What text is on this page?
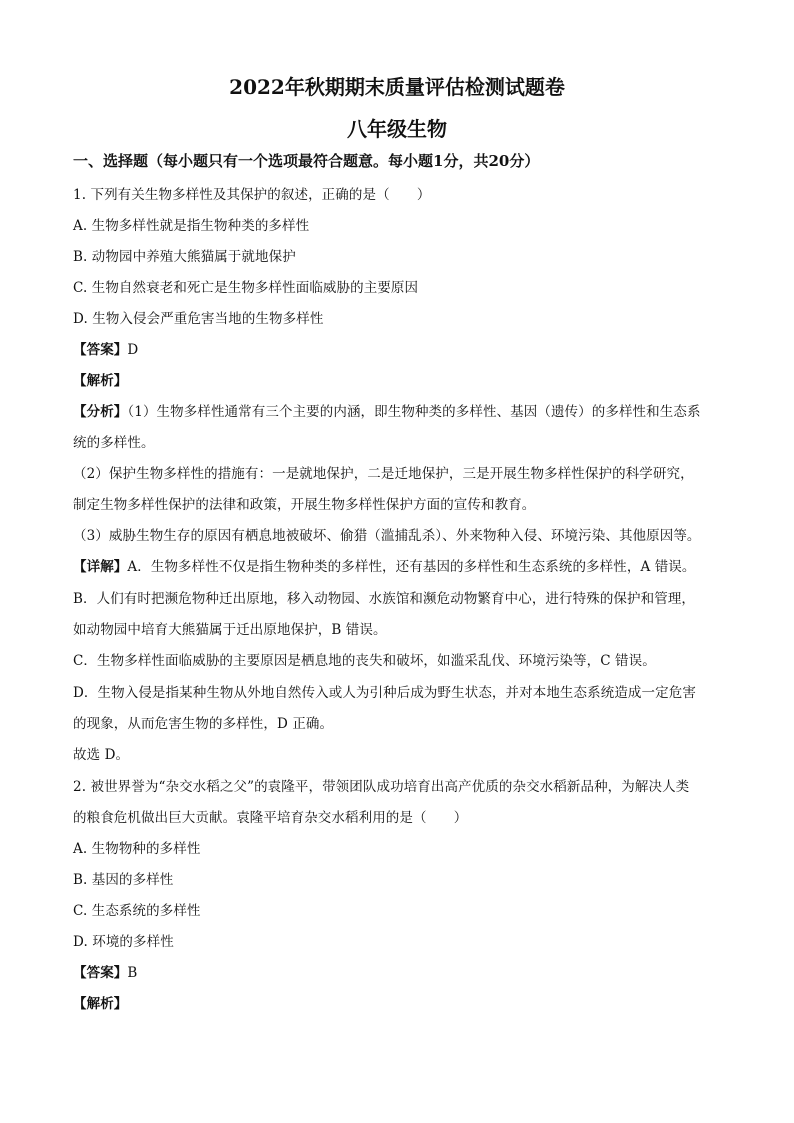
2022年秋期期末质量评估检测试题卷
八年级生物
一、选择题（每小题只有一个选项最符合题意。每小题1分，共20分）
1. 下列有关生物多样性及其保护的叙述，正确的是（　　）
A. 生物多样性就是指生物种类的多样性
B. 动物园中养殖大熊猫属于就地保护
C. 生物自然衰老和死亡是生物多样性面临威胁的主要原因
D. 生物入侵会严重危害当地的生物多样性
【答案】D
【解析】
【分析】（1）生物多样性通常有三个主要的内涵，即生物种类的多样性、基因（遗传）的多样性和生态系
统的多样性。
（2）保护生物多样性的措施有：一是就地保护，二是迁地保护，三是开展生物多样性保护的科学研究，
制定生物多样性保护的法律和政策，开展生物多样性保护方面的宣传和教育。
（3）威胁生物生存的原因有栖息地被破坏、偷猎（滥捕乱杀）、外来物种入侵、环境污染、其他原因等。
【详解】A．生物多样性不仅是指生物种类的多样性，还有基因的多样性和生态系统的多样性，A 错误。
B．人们有时把濒危物种迁出原地，移入动物园、水族馆和濒危动物繁育中心，进行特殊的保护和管理，
如动物园中培育大熊猫属于迁出原地保护，B 错误。
C．生物多样性面临威胁的主要原因是栖息地的丧失和破坏，如滥采乱伐、环境污染等，C 错误。
D．生物入侵是指某种生物从外地自然传入或人为引种后成为野生状态，并对本地生态系统造成一定危害
的现象，从而危害生物的多样性，D 正确。
故选 D。
2. 被世界誉为“杂交水稻之父”的袁隆平，带领团队成功培育出高产优质的杂交水稻新品种，为解决人类
的粮食危机做出巨大贡献。袁隆平培育杂交水稻利用的是（　　）
A. 生物物种的多样性
B. 基因的多样性
C. 生态系统的多样性
D. 环境的多样性
【答案】B
【解析】
